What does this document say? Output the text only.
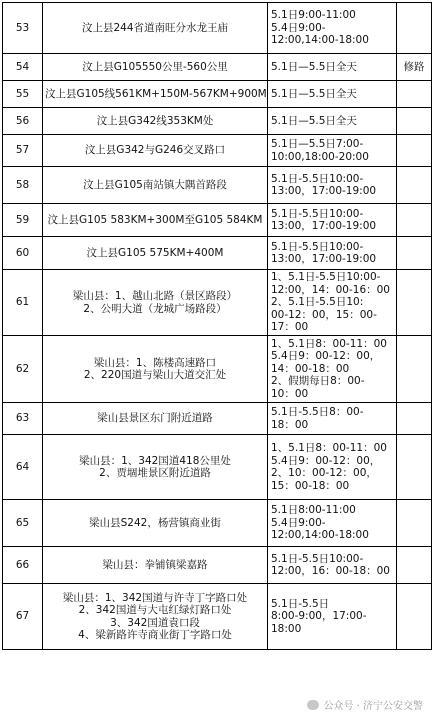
53	汶上县244省道南旺分水龙王庙	5.1日9:00-11:00
5.4日9:00-
12:00,14:00-18:00	

54	汶上县G105550公里-560公里	5.1日—5.5日全天	修路
55	汶上县G105线561KM+150M-567KM+900M	5.1日—5.5日全天	

56	汶上县G342线353KM处	5.1日—5.5日全天	

57	汶上县G342与G246交叉路口	5.1日—5.5日7:00-
10:00,18:00-20:00	

58	汶上县G105南站镇大隅首路段	5.1日-5.5日10:00-
13:00，17:00-19:00	

59	汶上县G105 583KM+300M至G105 584KM	5.1日-5.5日10:00-
13:00，17:00-19:00	

60	汶上县G105 575KM+400M	5.1日-5.5日10:00-
13:00，17:00-19:00	

61	梁山县：1、越山北路（景区路段）
2、公明大道（龙城广场路段）	1、5.1日-5.5日10:00-
12:00，14：00-16：00
2、5.1日-5.5日10:
00-12：00，15：00-
17：00	

62	梁山县：1、陈楼高速路口
2、220国道与梁山大道交汇处	1、5.1日8：00-11：00
5.4日9：00-12：00，
14：00-18：00
2、假期每日8：00-
10：00	

63	梁山县景区东门附近道路	5.1日-5.5日8：00-
18：00	

64	梁山县：1、342国道418公里处
2、贾堌堆景区附近道路	1、5.1日8：00-11：00
5.4日9：00-12：00，
2、10：00-12：00，
15：00-18：00	

65	梁山县S242，杨营镇商业街	5.1日8:00-11:00
5.4日9:00-
12:00,14:00-18:00	

66	梁山县：拳铺镇梁嘉路	5.1日-5.5日10:00-
12:00，16：00-18：00	

67	梁山县：1、342国道与许寺丁字路口处
2、342国道与大屯红绿灯路口处
3、342国道袁口段
4、梁新路许寺商业街丁字路口处	5.1日-5.5日
8:00-9:00，17:00-
18:00	

公众号 · 济宁公安交警
